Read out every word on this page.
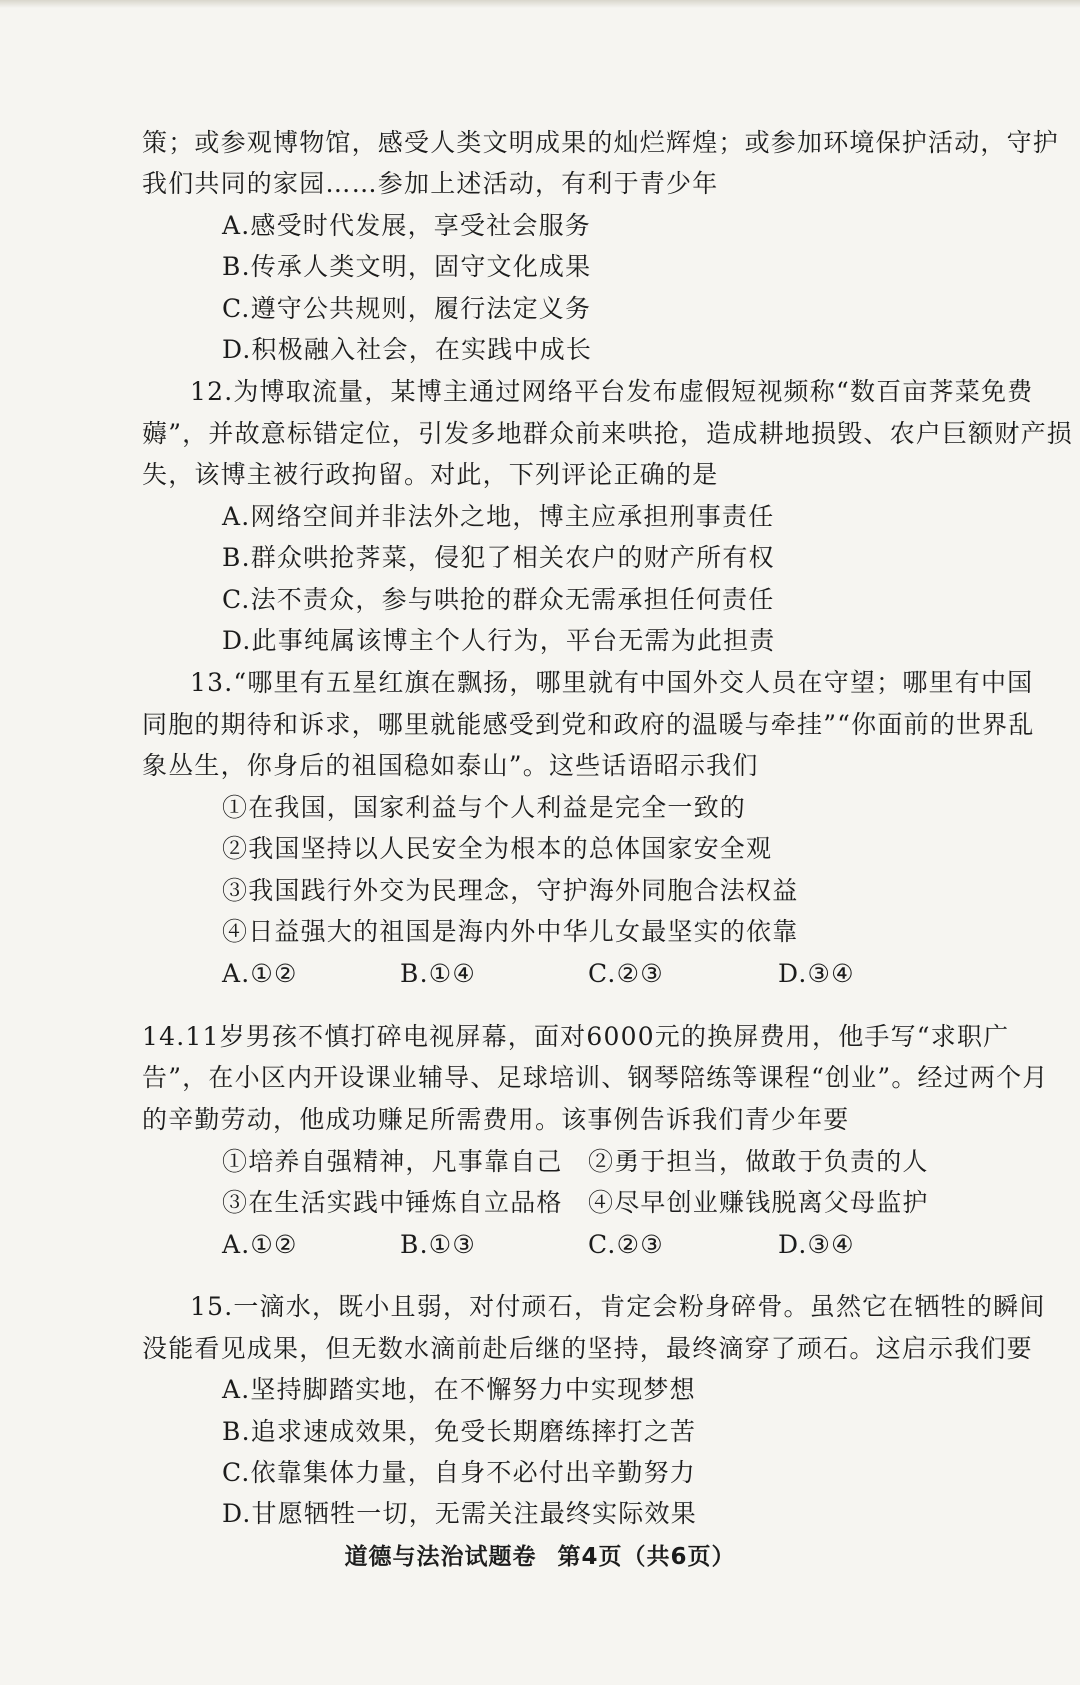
策；或参观博物馆，感受人类文明成果的灿烂辉煌；或参加环境保护活动，守护
我们共同的家园……参加上述活动，有利于青少年
A.感受时代发展，享受社会服务
B.传承人类文明，固守文化成果
C.遵守公共规则，履行法定义务
D.积极融入社会，在实践中成长
12.为博取流量，某博主通过网络平台发布虚假短视频称“数百亩荠菜免费
薅”，并故意标错定位，引发多地群众前来哄抢，造成耕地损毁、农户巨额财产损
失，该博主被行政拘留。对此，下列评论正确的是
A.网络空间并非法外之地，博主应承担刑事责任
B.群众哄抢荠菜，侵犯了相关农户的财产所有权
C.法不责众，参与哄抢的群众无需承担任何责任
D.此事纯属该博主个人行为，平台无需为此担责
13.“哪里有五星红旗在飘扬，哪里就有中国外交人员在守望；哪里有中国
同胞的期待和诉求，哪里就能感受到党和政府的温暖与牵挂”“你面前的世界乱
象丛生，你身后的祖国稳如泰山”。这些话语昭示我们
①在我国，国家利益与个人利益是完全一致的
②我国坚持以人民安全为根本的总体国家安全观
③我国践行外交为民理念，守护海外同胞合法权益
④日益强大的祖国是海内外中华儿女最坚实的依靠
A.①②	B.①④	C.②③	D.③④
14.11岁男孩不慎打碎电视屏幕，面对6000元的换屏费用，他手写“求职广
告”，在小区内开设课业辅导、足球培训、钢琴陪练等课程“创业”。经过两个月
的辛勤劳动，他成功赚足所需费用。该事例告诉我们青少年要
①培养自强精神，凡事靠自己 ②勇于担当，做敢于负责的人
③在生活实践中锤炼自立品格 ④尽早创业赚钱脱离父母监护
A.①②	B.①③	C.②③	D.③④
15.一滴水，既小且弱，对付顽石，肯定会粉身碎骨。虽然它在牺牲的瞬间
没能看见成果，但无数水滴前赴后继的坚持，最终滴穿了顽石。这启示我们要
A.坚持脚踏实地，在不懈努力中实现梦想
B.追求速成效果，免受长期磨练摔打之苦
C.依靠集体力量，自身不必付出辛勤努力
D.甘愿牺牲一切，无需关注最终实际效果
道德与法治试题卷 第4页（共6页）
